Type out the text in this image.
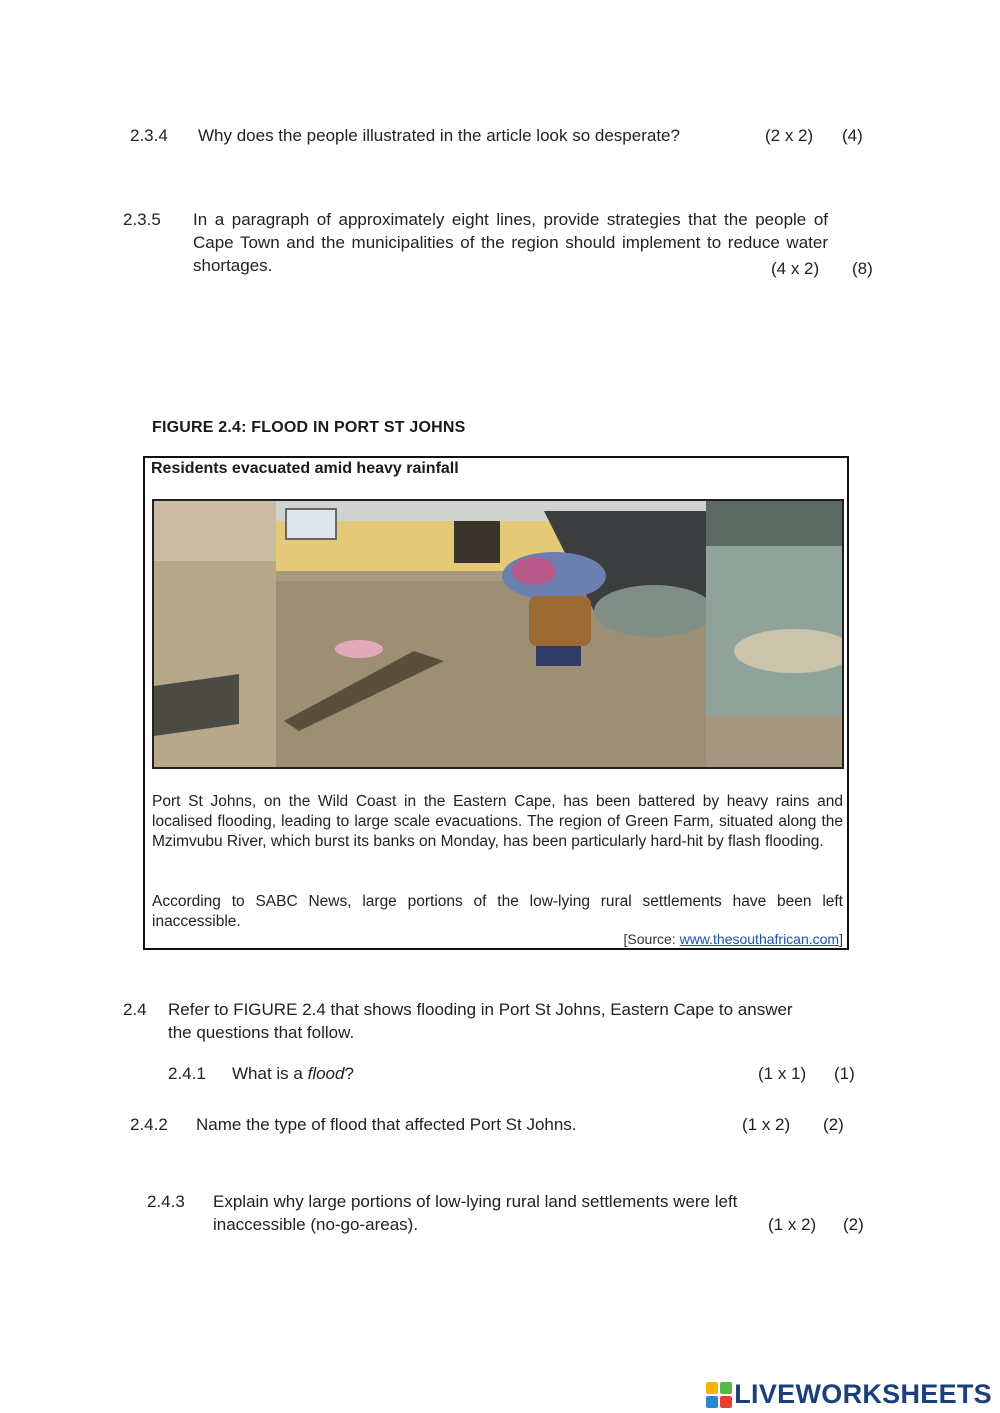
2.3.4 Why does the people illustrated in the article look so desperate?	(2 x 2) (4)
2.3.5 In a paragraph of approximately eight lines, provide strategies that the people of Cape Town and the municipalities of the region should implement to reduce water shortages.	(4 x 2) (8)
FIGURE 2.4: FLOOD IN PORT ST JOHNS
Residents evacuated amid heavy rainfall
Port St Johns, on the Wild Coast in the Eastern Cape, has been battered by heavy rains and localised flooding, leading to large scale evacuations. The region of Green Farm, situated along the Mzimvubu River, which burst its banks on Monday, has been particularly hard-hit by flash flooding.
According to SABC News, large portions of the low-lying rural settlements have been left inaccessible.
[Source: www.thesouthafrican.com]
2.4 Refer to FIGURE 2.4 that shows flooding in Port St Johns, Eastern Cape to answer the questions that follow.
2.4.1 What is a flood?	(1 x 1) (1)
2.4.2 Name the type of flood that affected Port St Johns.	(1 x 2) (2)
2.4.3 Explain why large portions of low-lying rural land settlements were left inaccessible (no-go-areas).	(1 x 2) (2)
LIVEWORKSHEETS
